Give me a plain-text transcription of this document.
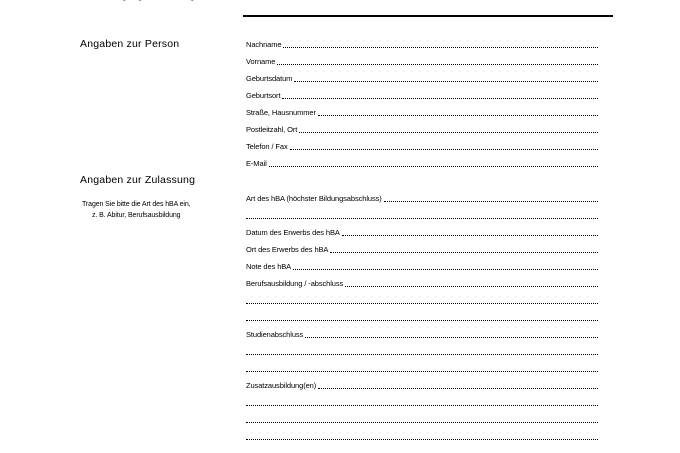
Angaben zur Person
Angaben zur Zulassung
Tragen Sie bitte die Art des hBA ein,
z. B. Abitur, Berufsausbildung
Nachname
Vorname
Geburtsdatum
Geburtsort
Straße, Hausnummer
Postleitzahl, Ort
Telefon / Fax
E-Mail
Art des hBA (höchster Bildungsabschluss)
Datum des Erwerbs des hBA
Ort des Erwerbs des hBA
Note des hBA
Berufsausbildung / -abschluss
Studienabschluss
Zusatzausbildung(en)
